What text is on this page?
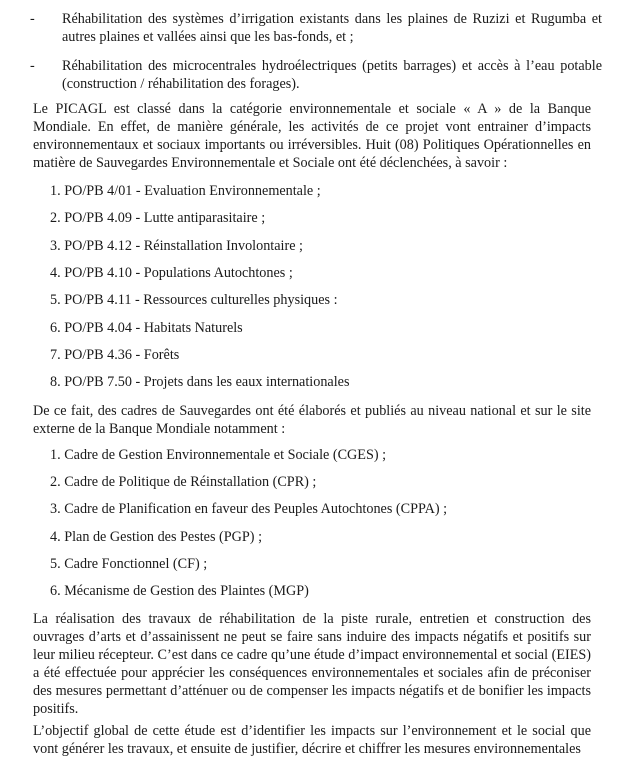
- Réhabilitation des systèmes d’irrigation existants dans les plaines de Ruzizi et Rugumba et autres plaines et vallées ainsi que les bas-fonds, et ;
- Réhabilitation des microcentrales hydroélectriques (petits barrages) et accès à l’eau potable (construction / réhabilitation des forages).

Le PICAGL est classé dans la catégorie environnementale et sociale « A » de la Banque Mondiale. En effet, de manière générale, les activités de ce projet vont entrainer d’impacts environnementaux et sociaux importants ou irréversibles. Huit (08) Politiques Opérationnelles en matière de Sauvegardes Environnementale et Sociale ont été déclenchées, à savoir :

1. PO/PB 4/01 - Evaluation Environnementale ;
2. PO/PB 4.09 - Lutte antiparasitaire ;
3. PO/PB 4.12 - Réinstallation Involontaire ;
4. PO/PB 4.10 - Populations Autochtones ;
5. PO/PB 4.11 - Ressources culturelles physiques :
6. PO/PB 4.04 - Habitats Naturels
7. PO/PB 4.36 - Forêts
8. PO/PB 7.50 - Projets dans les eaux internationales

De ce fait, des cadres de Sauvegardes ont été élaborés et publiés au niveau national et sur le site externe de la Banque Mondiale notamment :

1. Cadre de Gestion Environnementale et Sociale (CGES) ;
2. Cadre de Politique de Réinstallation (CPR) ;
3. Cadre de Planification en faveur des Peuples Autochtones (CPPA) ;
4. Plan de Gestion des Pestes (PGP) ;
5. Cadre Fonctionnel (CF) ;
6. Mécanisme de Gestion des Plaintes (MGP)

La réalisation des travaux de réhabilitation de la piste rurale, entretien et construction des ouvrages d’arts et d’assainissent ne peut se faire sans induire des impacts négatifs et positifs sur leur milieu récepteur. C’est dans ce cadre qu’une étude d’impact environnemental et social (EIES) a été effectuée pour apprécier les conséquences environnementales et sociales afin de préconiser des mesures permettant d’atténuer ou de compenser les impacts négatifs et de bonifier les impacts positifs.

L’objectif global de cette étude est d’identifier les impacts sur l’environnement et le social que vont générer les travaux, et ensuite de justifier, décrire et chiffrer les mesures environnementales
